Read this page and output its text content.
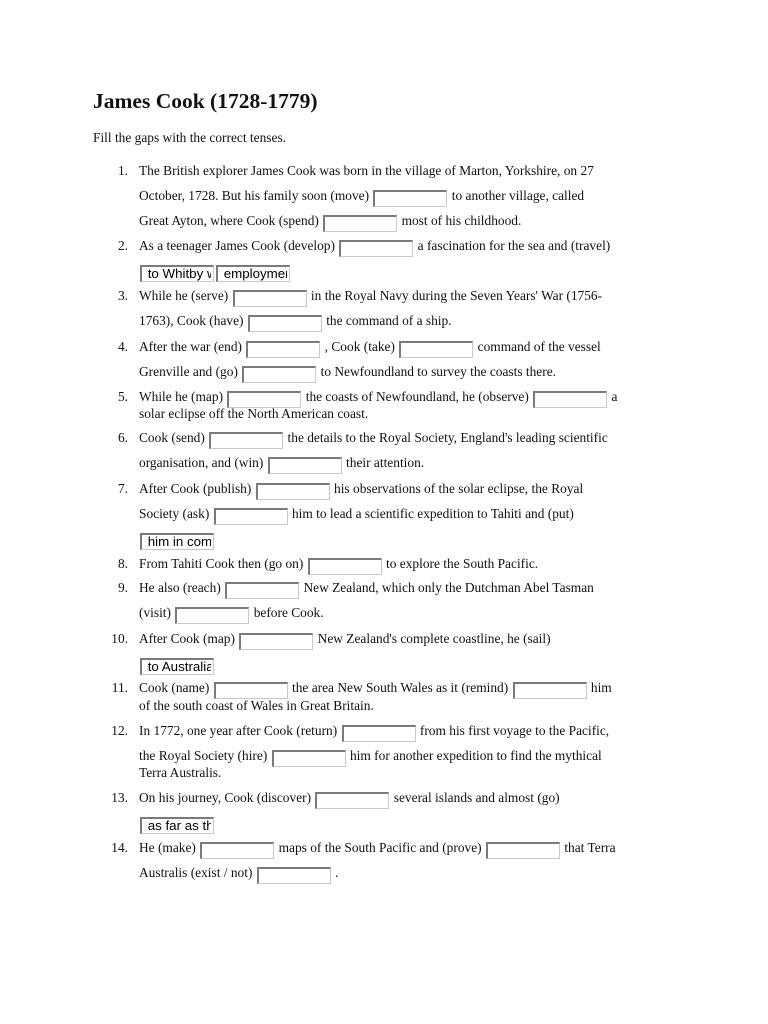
James Cook (1728-1779)

Fill the gaps with the correct tenses.

1. The British explorer James Cook was born in the village of Marton, Yorkshire, on 27
October, 1728. But his family soon (move)	to another village, called
Great Ayton, where Cook (spend)	most of his childhood.
2. As a teenager James Cook (develop)	a fascination for the sea and (travel)
to Whitby where he (find)  employment on a coal ship.
3. While he (serve)	in the Royal Navy during the Seven Years' War (1756-
1763), Cook (have)	the command of a ship.
4. After the war (end)	, Cook (take)	command of the vessel
Grenville and (go)	to Newfoundland to survey the coasts there.
5. While he (map)	the coasts of Newfoundland, he (observe)	a
solar eclipse off the North American coast.
6. Cook (send)	the details to the Royal Society, England's leading scientific
organisation, and (win)	their attention.
7. After Cook (publish)	his observations of the solar eclipse, the Royal
Society (ask)	him to lead a scientific expedition to Tahiti and (put)
him in command of of the HMS Endeavour.
8. From Tahiti Cook then (go on)	to explore the South Pacific.
9. He also (reach)	New Zealand, which only the Dutchman Abel Tasman
(visit)	before Cook.
10. After Cook (map)	New Zealand's complete coastline, he (sail)
to Australia's east coast.
11. Cook (name)	the area New South Wales as it (remind)	him
of the south coast of Wales in Great Britain.
12. In 1772, one year after Cook (return)	from his first voyage to the Pacific,
the Royal Society (hire)	him for another expedition to find the mythical
Terra Australis.
13. On his journey, Cook (discover)	several islands and almost (go)
as far as the continent of Antarctica.
14. He (make)	maps of the South Pacific and (prove)	that Terra
Australis (exist / not)	.
